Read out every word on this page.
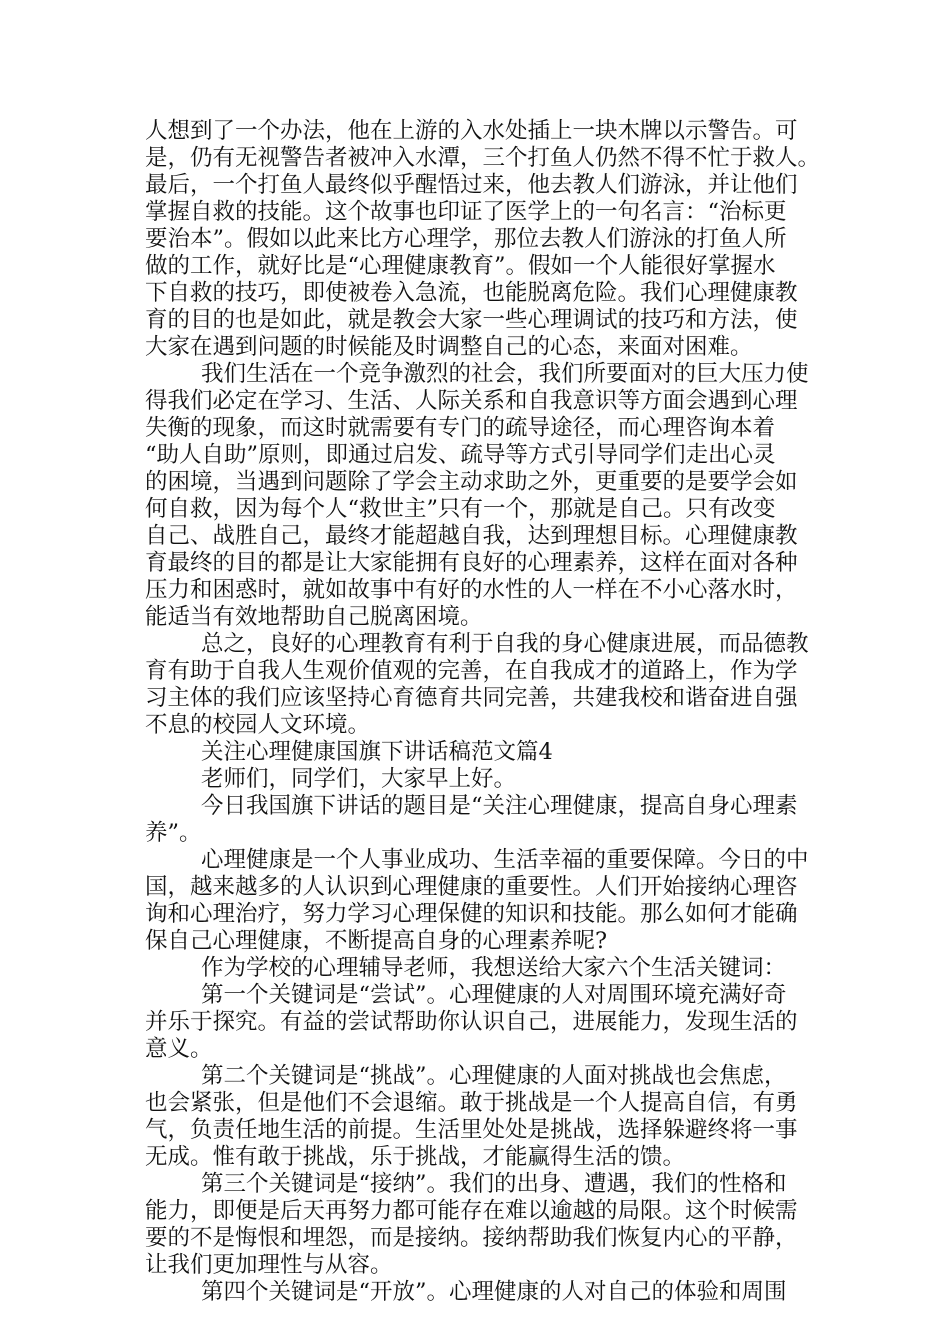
人想到了一个办法，他在上游的入水处插上一块木牌以示警告。可
是，仍有无视警告者被冲入水潭，三个打鱼人仍然不得不忙于救人。
最后，一个打鱼人最终似乎醒悟过来，他去教人们游泳，并让他们
掌握自救的技能。这个故事也印证了医学上的一句名言：“治标更
要治本”。假如以此来比方心理学，那位去教人们游泳的打鱼人所
做的工作，就好比是“心理健康教育”。假如一个人能很好掌握水
下自救的技巧，即使被卷入急流，也能脱离危险。我们心理健康教
育的目的也是如此，就是教会大家一些心理调试的技巧和方法，使
大家在遇到问题的时候能及时调整自己的心态，来面对困难。
我们生活在一个竞争激烈的社会，我们所要面对的巨大压力使
得我们必定在学习、生活、人际关系和自我意识等方面会遇到心理
失衡的现象，而这时就需要有专门的疏导途径，而心理咨询本着
“助人自助”原则，即通过启发、疏导等方式引导同学们走出心灵
的困境，当遇到问题除了学会主动求助之外，更重要的是要学会如
何自救，因为每个人“救世主”只有一个，那就是自己。只有改变
自己、战胜自己，最终才能超越自我，达到理想目标。心理健康教
育最终的目的都是让大家能拥有良好的心理素养，这样在面对各种
压力和困惑时，就如故事中有好的水性的人一样在不小心落水时，
能适当有效地帮助自己脱离困境。
总之，良好的心理教育有利于自我的身心健康进展，而品德教
育有助于自我人生观价值观的完善，在自我成才的道路上，作为学
习主体的我们应该坚持心育德育共同完善，共建我校和谐奋进自强
不息的校园人文环境。
关注心理健康国旗下讲话稿范文篇4
老师们，同学们，大家早上好。
今日我国旗下讲话的题目是“关注心理健康，提高自身心理素
养”。
心理健康是一个人事业成功、生活幸福的重要保障。今日的中
国，越来越多的人认识到心理健康的重要性。人们开始接纳心理咨
询和心理治疗，努力学习心理保健的知识和技能。那么如何才能确
保自己心理健康，不断提高自身的心理素养呢?
作为学校的心理辅导老师，我想送给大家六个生活关键词：
第一个关键词是“尝试”。心理健康的人对周围环境充满好奇
并乐于探究。有益的尝试帮助你认识自己，进展能力，发现生活的
意义。
第二个关键词是“挑战”。心理健康的人面对挑战也会焦虑，
也会紧张，但是他们不会退缩。敢于挑战是一个人提高自信，有勇
气，负责任地生活的前提。生活里处处是挑战，选择躲避终将一事
无成。惟有敢于挑战，乐于挑战，才能赢得生活的馈。
第三个关键词是“接纳”。我们的出身、遭遇，我们的性格和
能力，即便是后天再努力都可能存在难以逾越的局限。这个时候需
要的不是悔恨和埋怨，而是接纳。接纳帮助我们恢复内心的平静，
让我们更加理性与从容。
第四个关键词是“开放”。心理健康的人对自己的体验和周围
